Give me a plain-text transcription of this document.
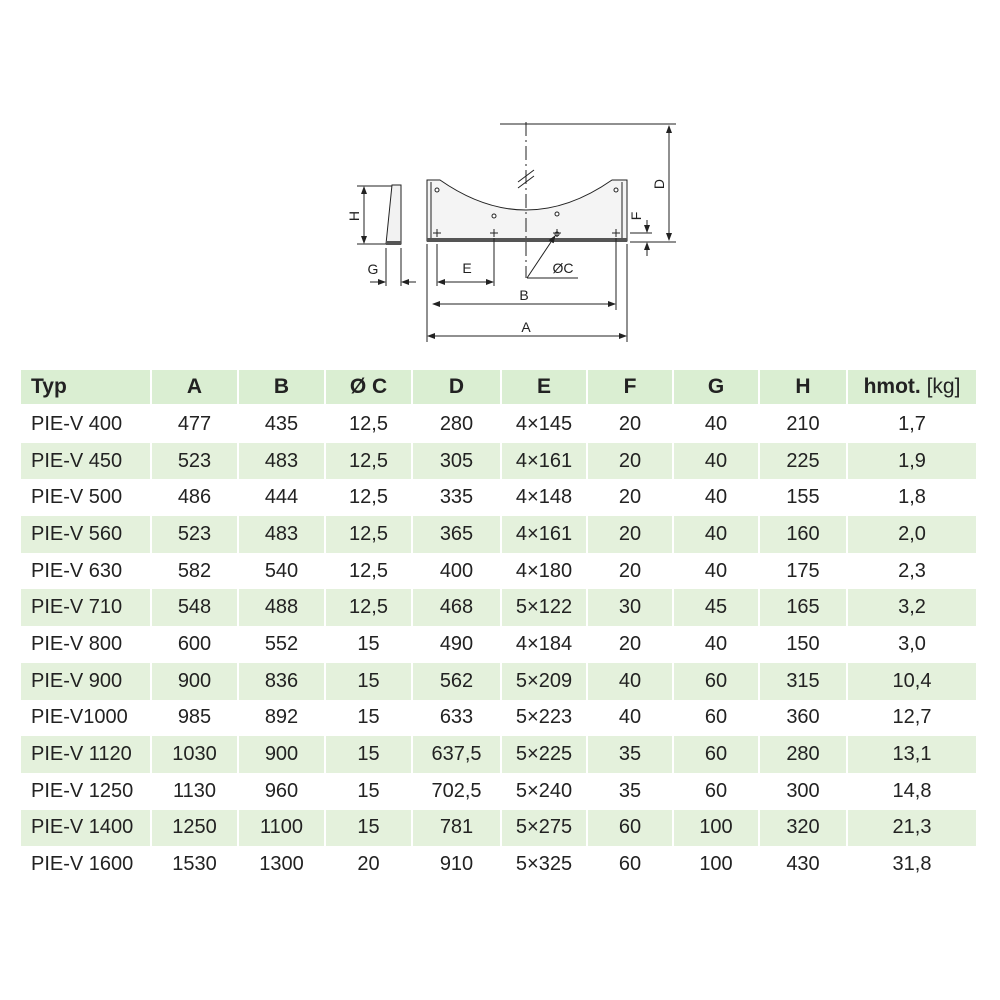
H
G
D
F
E	ØC
B
A
Typ	A	B	Ø C	D	E	F	G	H	hmot. [kg]
PIE-V 400	477	435	12,5	280	4×145	20	40	210	1,7
PIE-V 450	523	483	12,5	305	4×161	20	40	225	1,9
PIE-V 500	486	444	12,5	335	4×148	20	40	155	1,8
PIE-V 560	523	483	12,5	365	4×161	20	40	160	2,0
PIE-V 630	582	540	12,5	400	4×180	20	40	175	2,3
PIE-V 710	548	488	12,5	468	5×122	30	45	165	3,2
PIE-V 800	600	552	15	490	4×184	20	40	150	3,0
PIE-V 900	900	836	15	562	5×209	40	60	315	10,4
PIE-V1000	985	892	15	633	5×223	40	60	360	12,7
PIE-V 1120	1030	900	15	637,5	5×225	35	60	280	13,1
PIE-V 1250	1130	960	15	702,5	5×240	35	60	300	14,8
PIE-V 1400	1250	1100	15	781	5×275	60	100	320	21,3
PIE-V 1600	1530	1300	20	910	5×325	60	100	430	31,8
